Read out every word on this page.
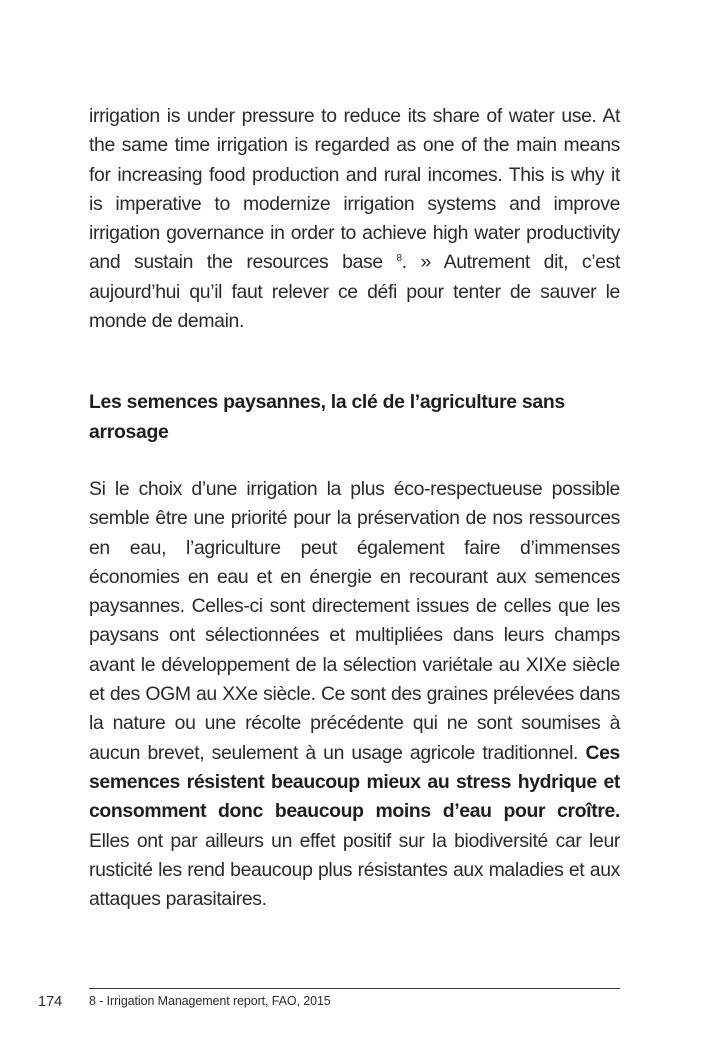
irrigation is under pressure to reduce its share of water use. At the same time irrigation is regarded as one of the main means for increasing food production and rural incomes. This is why it is imperative to modernize irrigation systems and improve irrigation governance in order to achieve high water productivity and sustain the resources base $^8$. » Autrement dit, c’est aujourd’hui qu’il faut relever ce défi pour tenter de sauver le monde de demain.

Les semences paysannes, la clé de l’agriculture sans arrosage

Si le choix d’une irrigation la plus éco-respectueuse possible semble être une priorité pour la préservation de nos ressources en eau, l’agriculture peut également faire d’immenses économies en eau et en énergie en recourant aux semences paysannes. Celles-ci sont directement issues de celles que les paysans ont sélectionnées et multipliées dans leurs champs avant le développement de la sélection variétale au XIXe siècle et des OGM au XXe siècle. Ce sont des graines prélevées dans la nature ou une récolte précédente qui ne sont soumises à aucun brevet, seulement à un usage agricole traditionnel. Ces semences résistent beaucoup mieux au stress hydrique et consomment donc beaucoup moins d’eau pour croître. Elles ont par ailleurs un effet positif sur la biodiversité car leur rusticité les rend beaucoup plus résistantes aux maladies et aux attaques parasitaires.

174 8 - Irrigation Management report, FAO, 2015
